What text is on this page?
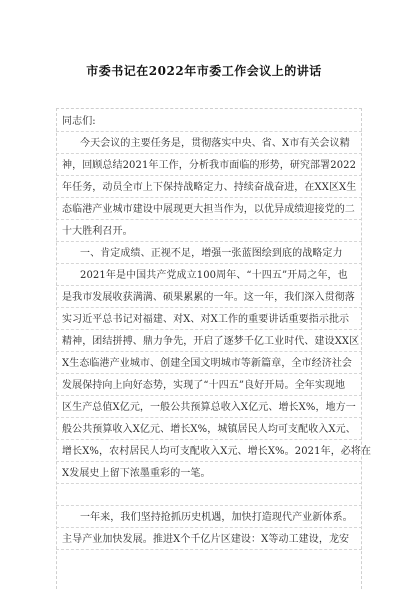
市委书记在2022年市委工作会议上的讲话
同志们:
今天会议的主要任务是，贯彻落实中央、省、X市有关会议精
神，回顾总结2021年工作，分析我市面临的形势，研究部署2022
年任务，动员全市上下保持战略定力、持续奋战奋进，在XX区X生
态临港产业城市建设中展现更大担当作为，以优异成绩迎接党的二
十大胜利召开。
一、肯定成绩、正视不足，增强一张蓝图绘到底的战略定力
2021年是中国共产党成立100周年、“十四五”开局之年，也
是我市发展收获满满、硕果累累的一年。这一年，我们深入贯彻落
实习近平总书记对福建、对X、对X工作的重要讲话重要指示批示
精神，团结拼搏、鼎力争先，开启了逐梦千亿工业时代、建设XX区
X生态临港产业城市、创建全国文明城市等新篇章，全市经济社会
发展保持向上向好态势，实现了“十四五”良好开局。全年实现地
区生产总值X亿元，一般公共预算总收入X亿元、增长X%，地方一
般公共预算收入X亿元、增长X%，城镇居民人均可支配收入X元、
增长X%，农村居民人均可支配收入X元、增长X%。2021年，必将在
X发展史上留下浓墨重彩的一笔。
一年来，我们坚持抢抓历史机遇，加快打造现代产业新体系。
主导产业加快发展。推进X个千亿片区建设：X等动工建设，龙安
